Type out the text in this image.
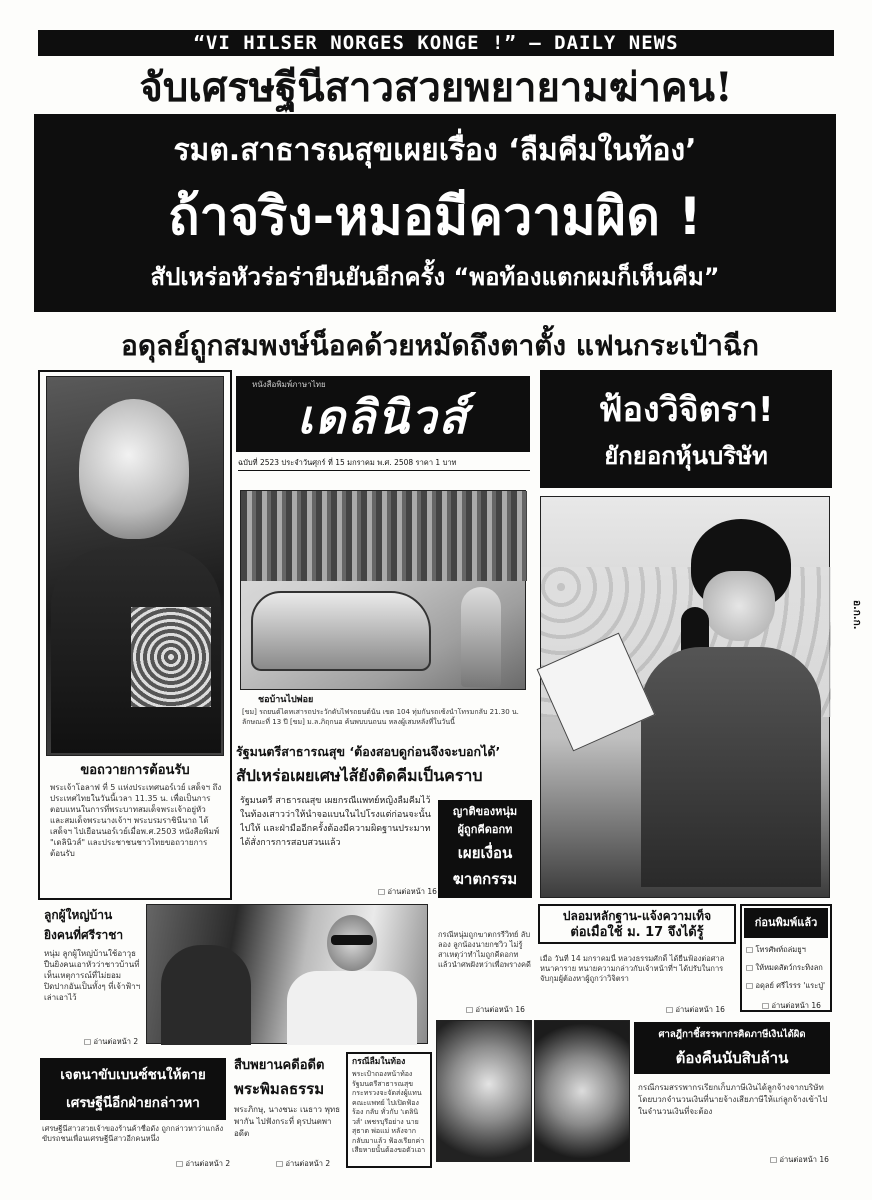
“VI HILSER NORGES KONGE !” — DAILY NEWS
จับเศรษฐีนีสาวสวยพยายามฆ่าคน!
รมต.สาธารณสุขเผยเรื่อง ‘ลืมคีมในท้อง’
ถ้าจริง-หมอมีความผิด !
สัปเหร่อหัวร่อร่ายืนยันอีกครั้ง “พอท้องแตกผมก็เห็นคีม”
อดุลย์ถูกสมพงษ์น็อคด้วยหมัดถึงตาตั้ง แฟนกระเป๋าฉีก
ขอถวายการต้อนรับ
พระเจ้าโอลาฟ ที่ 5 แห่งประเทศนอร์เวย์ เสด็จฯ ถึงประเทศไทยในวันนี้เวลา 11.35 น. เพื่อเป็นการตอบแทนในการที่พระบาทสมเด็จพระเจ้าอยู่หัว และสมเด็จพระนางเจ้าฯ พระบรมราชินีนาถ ได้เสด็จฯ ไปเยือนนอร์เวย์เมื่อพ.ศ.2503 หนังสือพิมพ์ "เดลินิวส์" และประชาชนชาวไทยขอถวายการต้อนรับ
หนังสือพิมพ์ภาษาไทย
เดลินิวส์
ฉบับที่ 2523 ประจำวันศุกร์ ที่ 15 มกราคม พ.ศ. 2508 ราคา 1 บาท
ชอบ้านไปพ่อย
[ขม] รถยนต์ไดทเสารถประวักดับไฟรถยนต์นั้น เขต 104 ทุ่มกันรถเซ้งนำโทรมกลับ 21.30 น. ลักษณะที่ 13 ปี [ขม] ม.ล.ภิฤกนอ ค้นพบบนถนน หลงผู้เสมหลังที่ในวันนี้
รัฐมนตรีสาธารณสุข ‘ต้องสอบดูก่อนจึงจะบอกได้’
สัปเหร่อเผยเศษไส้ยังติดคีมเป็นคราบ
รัฐมนตรี สาธารณสุข เผยกรณีแพทย์หญิงลืมคีมไว้ในท้องเสาวว่าให้นำจอแบนในไปโรงแต่ก่อนจะนั้นไปให้ และฝ่ามืออีกครั้งต้องมีความผิดฐานประมาท ได้สั่งการการสอบสวนแล้ว
□ อ่านต่อหน้า 16
ญาติของหนุ่ม
ผู้ถูกคีดอกท
เผยเงื่อน
ฆาตกรรม
กรณีหนุ่มถูกฆาตกรรีวิทย์ ลับลอง ลูกน้องนายกชวิว ไม่รู้สาเหตุว่าทำไมถูกคีดอกท แล้วนำศพฝังหว่าเพื่อพรางคดี
□ อ่านต่อหน้า 16
ฟ้องวิจิตรา!
ยักยอกหุ้นบริษัท
อ.ก.ก.
ลูกผู้ใหญ่บ้าน
ยิงคนที่ศรีราชา
หนุ่ม ลูกผู้ใหญ่บ้านใช้อาวุธปืนยิงคนเอาหัวว่าชาวบ้านที่เห็นเหตุการณ์ที่ไม่ยอมปิดปากอันเป็นทั้งๆ ที่เจ้าฟ้าฯ เล่าเอาไว้
□ อ่านต่อหน้า 2
ปลอมหลักฐาน-แจ้งความเท็จ
ต่อเมื่อใช้ ม. 17 จึงได้รู้
เมื่อ วันที่ 14 มกราคมนี้ หลวงธรรมศักดิ์ ได้ยื่นฟ้องต่อศาลหนาคาราย ทนายความกล่าวกับเจ้าหน้าที่ฯ ได้ปรับในการจับกุมผู้ต้องหาผู้ถูกว่าวิจิตรา
□ อ่านต่อหน้า 16
ก่อนพิมพ์แล้ว
□ โทรศัพท์ถล่มยูฯ
□ ให้หมดสัตว์กระทิงลก
□ อดุลย์ ศรีไรรร 'แระปู่'
□ อ่านต่อหน้า 16
เจตนาขับเบนซ์ชนให้ตาย
เศรษฐีนีอีกฝ่ายกล่าวหา
เศรษฐีนีสาวสวยเจ้าของร้านค้าชื่อดัง ถูกกล่าวหาว่าแกล้งขับรถชนเพื่อนเศรษฐีนีสาวอีกคนหนึ่ง
□ อ่านต่อหน้า 2
สืบพยานคดีอดีต
พระพิมลธรรม
พระภิกษุ, นางชนะ เนธาว พุทธ พากัน ไปฟังกระที่ ดุรปนตพา อดีต
□ อ่านต่อหน้า 2
กรณีลืมในท้อง
พระเป้าถองหน้าท้อง รัฐมนตรีสาธารณสุข กระทรวงจะจัดส่งผู้แทนคณะแพทย์ ไปเปิดฟ้องร้อง กลับ ทั่วกับ 'เดลินิวส์' เพชรบุรีอย่าง นายสุธาต พ่อแม่ หลังจากกลับมาแล้ว ฟ้องเรียกค่าเสียหายนั้นต้องขอตัวเอา
ศาลฎีกาชี้สรรพากรคิดภาษีเงินได้ผิด
ต้องคืนนับสิบล้าน
กรณีกรมสรรพากรเรียกเก็บภาษีเงินได้ลูกจ้างจากบริษัท โดยบวกจำนวนเงินที่นายจ้างเสียภาษีให้แก่ลูกจ้างเข้าไปในจำนวนเงินที่จะต้อง
□ อ่านต่อหน้า 16
